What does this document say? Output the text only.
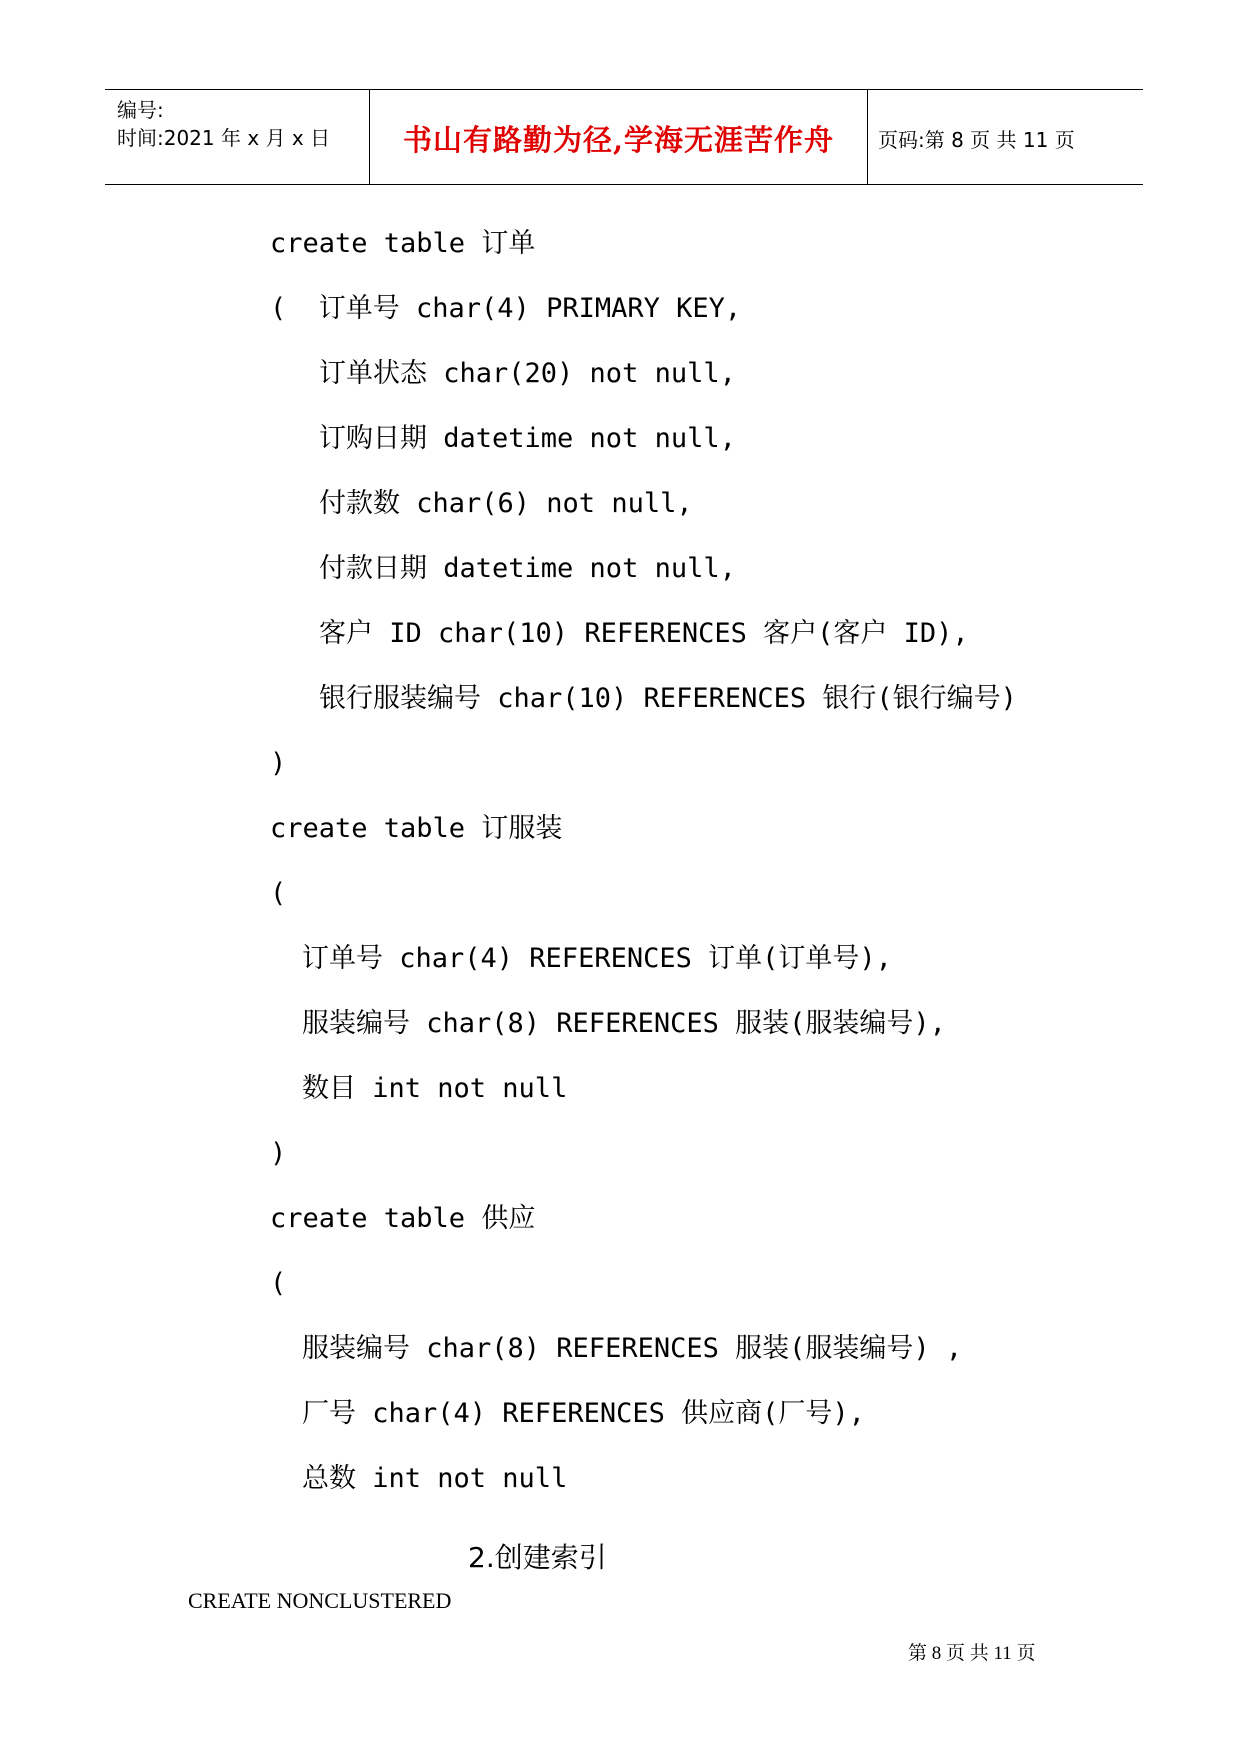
编号:
时间:2021 年 x 月 x 日	书山有路勤为径,学海无涯苦作舟	页码:第 8 页 共 11 页
create table 订单
(  订单号 char(4) PRIMARY KEY,
订单状态 char(20) not null,
订购日期 datetime not null,
付款数 char(6) not null,
付款日期 datetime not null,
客户 ID char(10) REFERENCES 客户(客户 ID),
银行服装编号 char(10) REFERENCES 银行(银行编号)
)
create table 订服装
(
订单号 char(4) REFERENCES 订单(订单号),
服装编号 char(8) REFERENCES 服装(服装编号),
数目 int not null
)
create table 供应
(
服装编号 char(8) REFERENCES 服装(服装编号) ,
厂号 char(4) REFERENCES 供应商(厂号),
总数 int not null
2.创建索引
CREATE NONCLUSTERED
第 8 页 共 11 页
